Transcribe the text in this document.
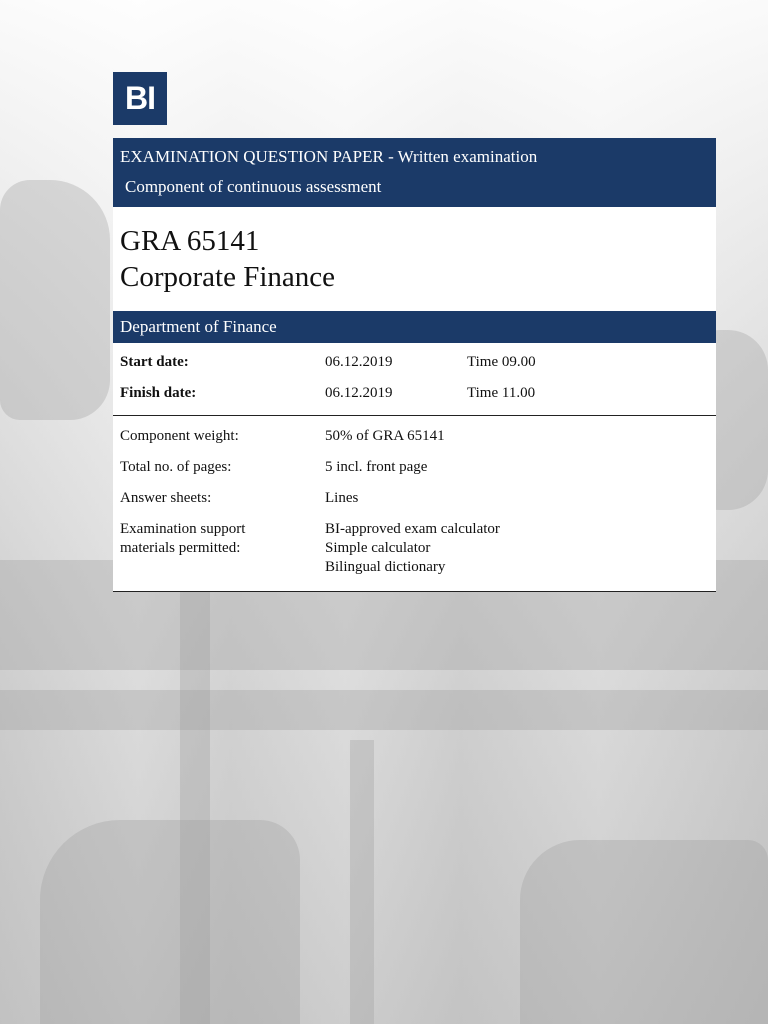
BI
EXAMINATION QUESTION PAPER - Written examination
Component of continuous assessment
GRA 65141
Corporate Finance
Department of Finance
Start date:	06.12.2019	Time 09.00
Finish date:	06.12.2019	Time 11.00
Component weight:	50% of GRA 65141
Total no. of pages:	5 incl. front page
Answer sheets:	Lines
Examination support
materials permitted:
BI-approved exam calculator
Simple calculator
Bilingual dictionary
